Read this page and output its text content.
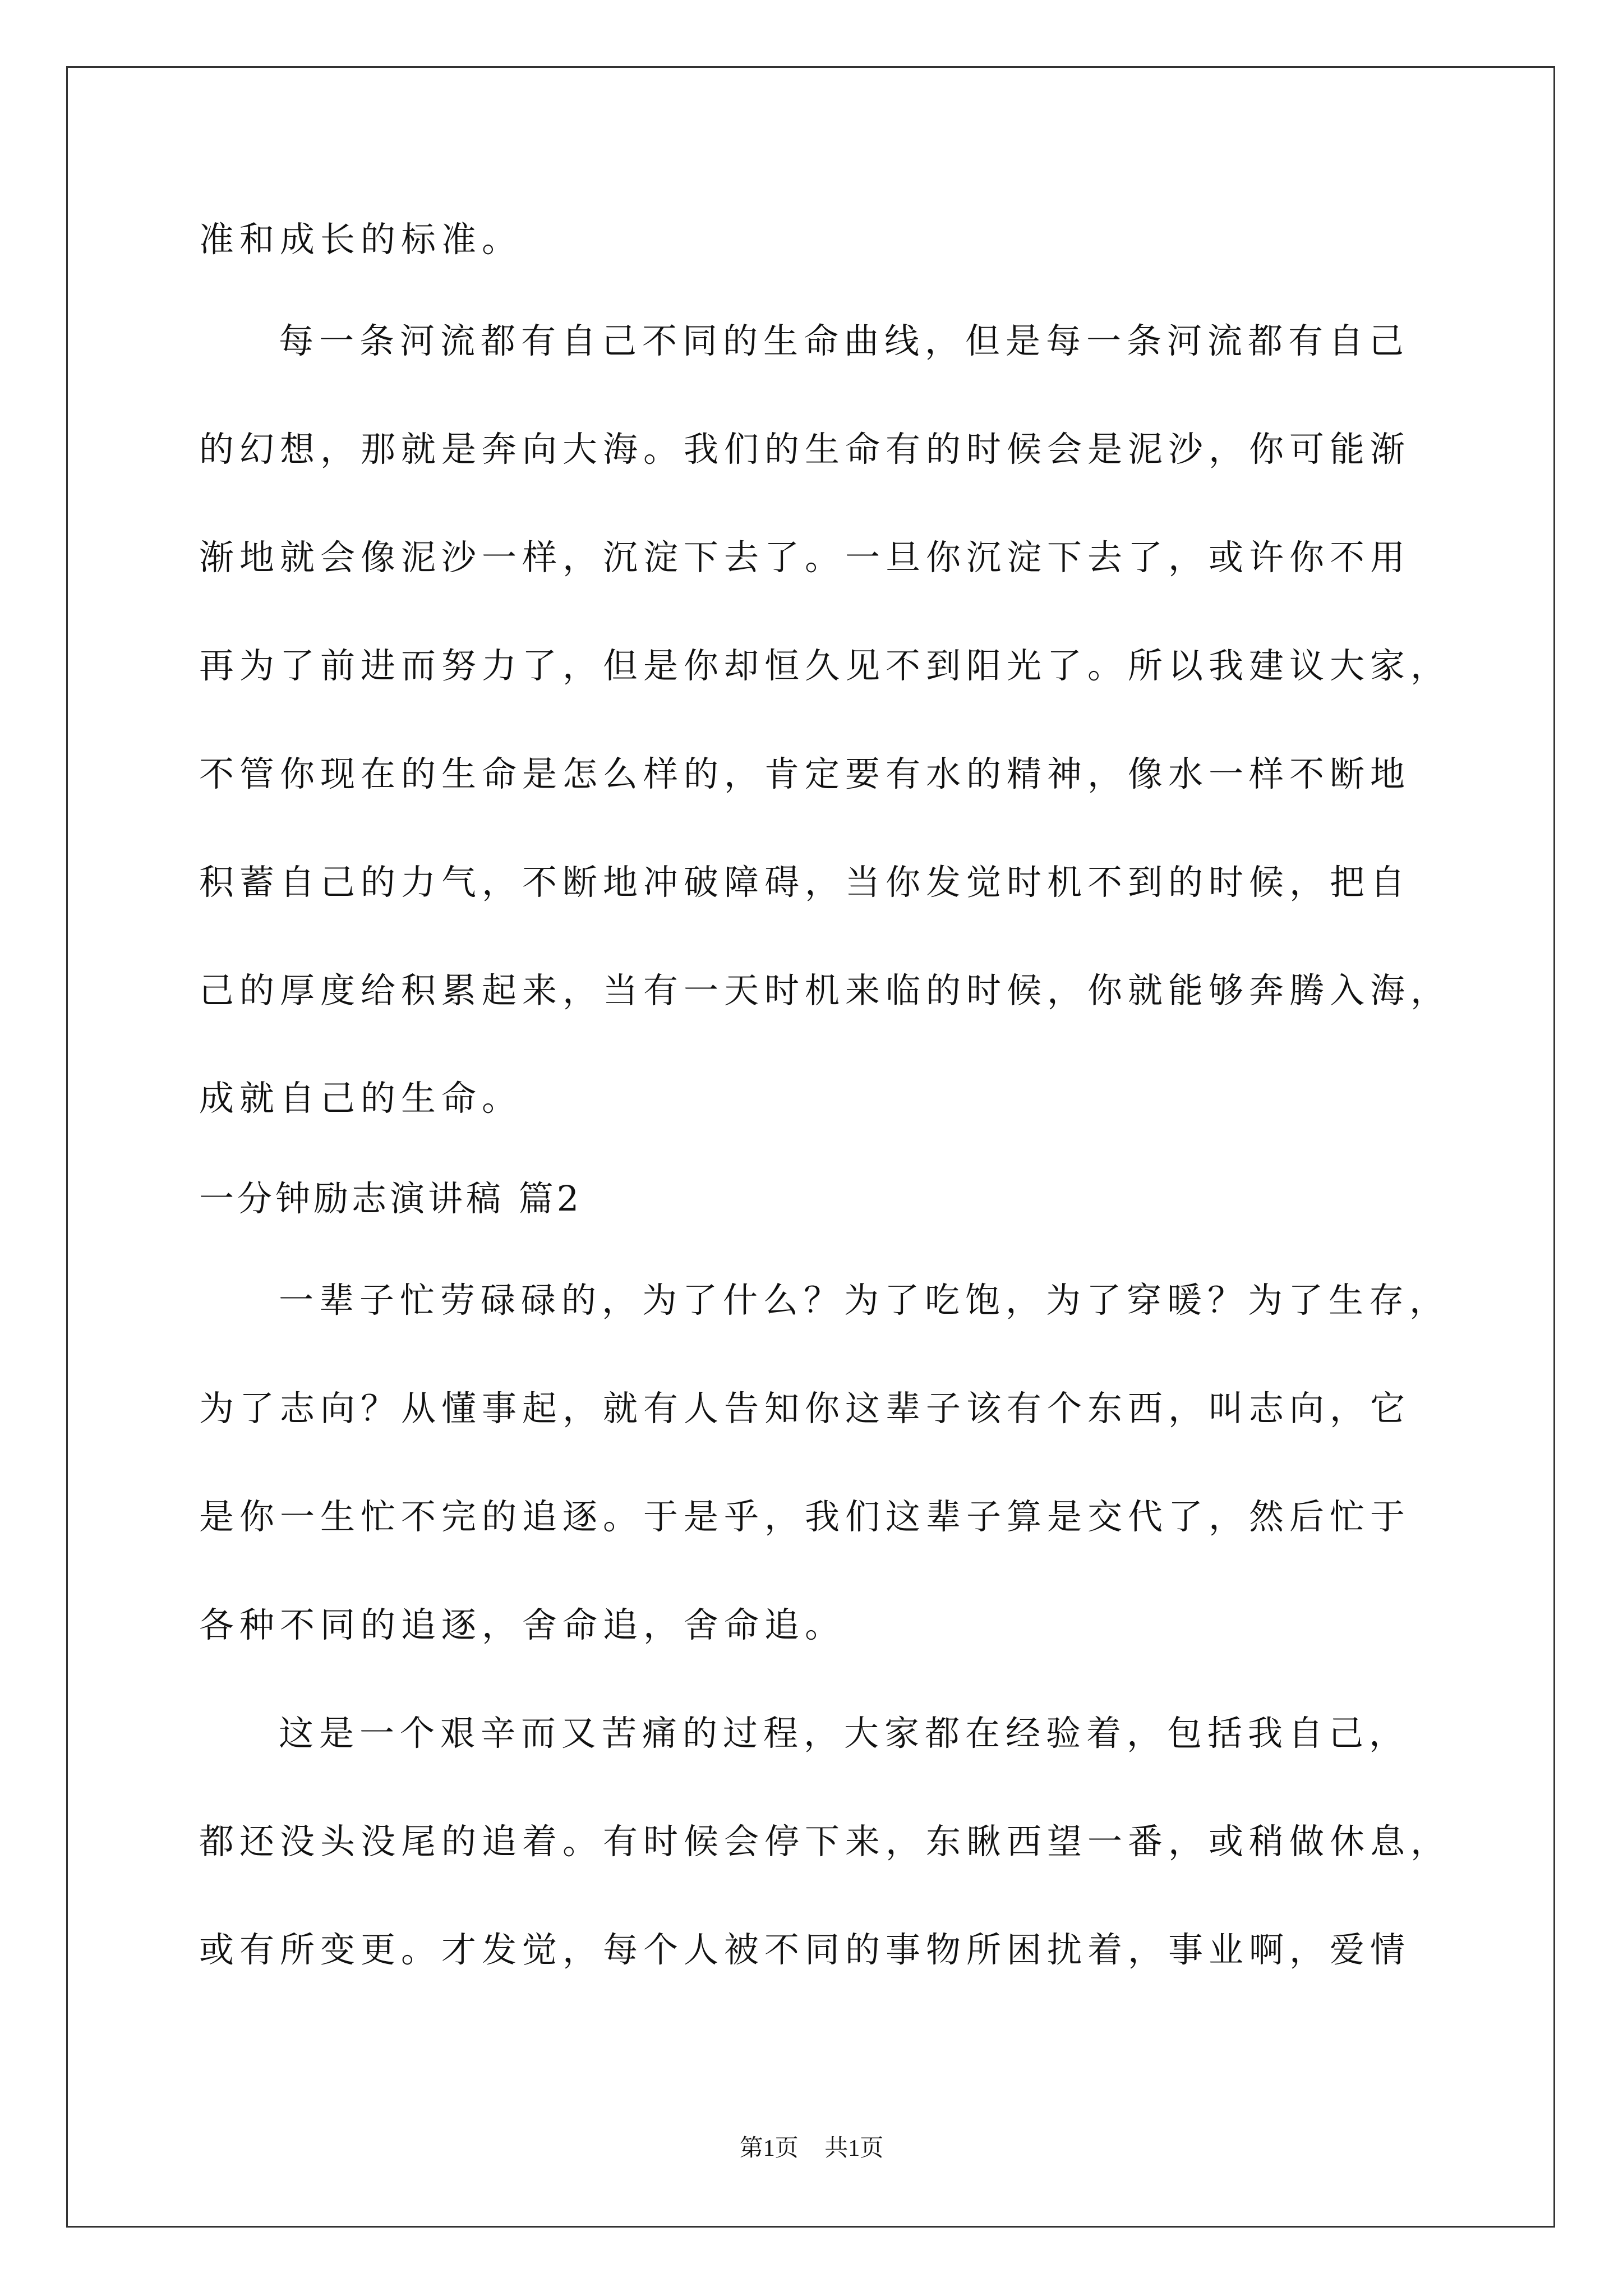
准和成长的标准。
每一条河流都有自己不同的生命曲线，但是每一条河流都有自己
的幻想，那就是奔向大海。我们的生命有的时候会是泥沙，你可能渐
渐地就会像泥沙一样，沉淀下去了。一旦你沉淀下去了，或许你不用
再为了前进而努力了，但是你却恒久见不到阳光了。所以我建议大家，
不管你现在的生命是怎么样的，肯定要有水的精神，像水一样不断地
积蓄自己的力气，不断地冲破障碍，当你发觉时机不到的时候，把自
己的厚度给积累起来，当有一天时机来临的时候，你就能够奔腾入海，
成就自己的生命。
一分钟励志演讲稿 篇2
一辈子忙劳碌碌的，为了什么？为了吃饱，为了穿暖？为了生存，
为了志向？从懂事起，就有人告知你这辈子该有个东西，叫志向，它
是你一生忙不完的追逐。于是乎，我们这辈子算是交代了，然后忙于
各种不同的追逐，舍命追，舍命追。
这是一个艰辛而又苦痛的过程，大家都在经验着，包括我自己，
都还没头没尾的追着。有时候会停下来，东瞅西望一番，或稍做休息，
或有所变更。才发觉，每个人被不同的事物所困扰着，事业啊，爱情
第1页 共1页
